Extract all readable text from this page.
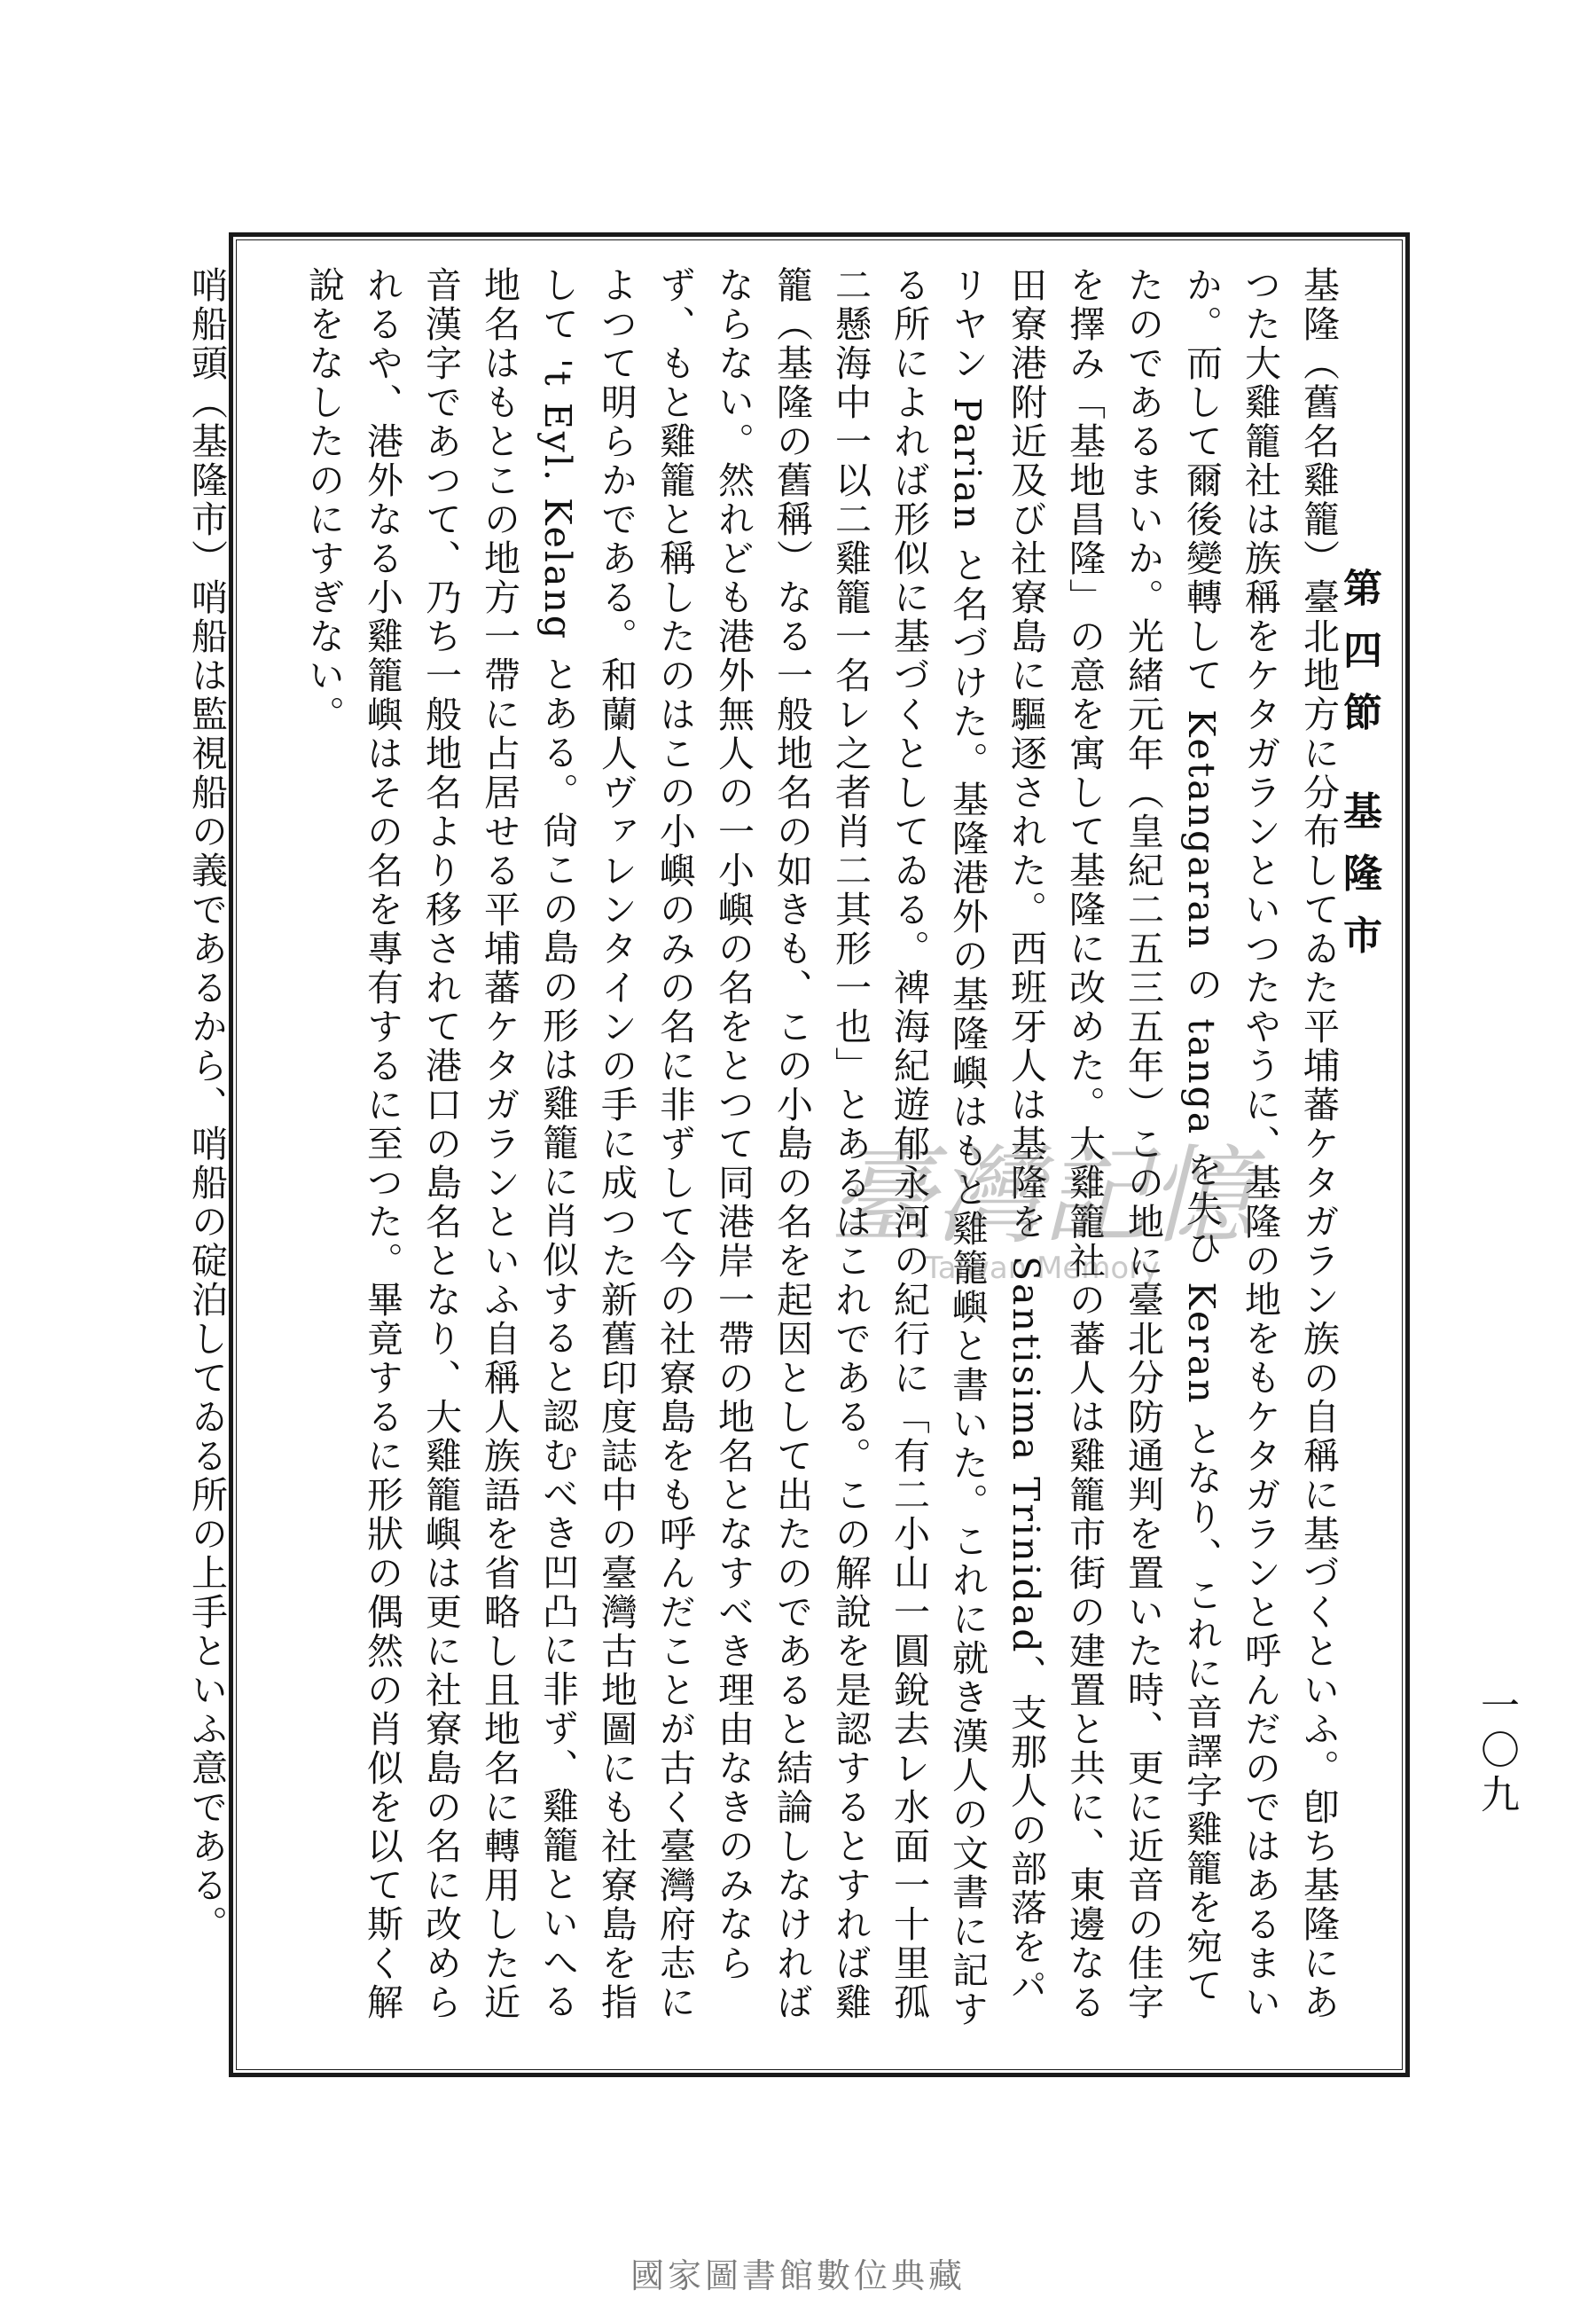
第四節 基隆市
基隆（舊名雞籠）臺北地方に分布してゐた平埔蕃ケタガラン族の自稱に基づくといふ。卽ち基隆にあつた大雞籠社は族稱をケタガランといつたやうに、基隆の地をもケタガランと呼んだのではあるまいか。而して爾後變轉して Ketangaran の tanga を失ひ Keran となり、これに音譯字雞籠を宛てたのであるまいか。光緒元年（皇紀二五三五年）この地に臺北分防通判を置いた時、更に近音の佳字を擇み「基地昌隆」の意を寓して基隆に改めた。大雞籠社の蕃人は雞籠市街の建置と共に、東邊なる田寮港附近及び社寮島に驅逐された。西班牙人は基隆を Santisima Trinidad、支那人の部落をパリヤン Parian と名づけた。基隆港外の基隆嶼はもと雞籠嶼と書いた。これに就き漢人の文書に記する所によれば形似に基づくとしてゐる。裨海紀遊郁永河の紀行に「有二小山一圓銳去レ水面一十里孤二懸海中一以二雞籠一名レ之者肖二其形一也」とあるはこれである。この解說を是認するとすれば雞籠（基隆の舊稱）なる一般地名の如きも、この小島の名を起因として出たのであると結論しなければならない。然れども港外無人の一小嶼の名をとつて同港岸一帶の地名となすべき理由なきのみならず、もと雞籠と稱したのはこの小嶼のみの名に非ずして今の社寮島をも呼んだことが古く臺灣府志によつて明らかである。和蘭人ヴァレンタインの手に成つた新舊印度誌中の臺灣古地圖にも社寮島を指して 't Eyl. Kelang とある。尙この島の形は雞籠に肖似すると認むべき凹凸に非ず、雞籠といへる地名はもとこの地方一帶に占居せる平埔蕃ケタガランといふ自稱人族語を省略し且地名に轉用した近音漢字であつて、乃ち一般地名より移されて港口の島名となり、大雞籠嶼は更に社寮島の名に改められるや、港外なる小雞籠嶼はその名を專有するに至つた。畢竟するに形狀の偶然の肖似を以て斯く解說をなしたのにすぎない。

哨船頭（基隆市）哨船は監視船の義であるから、哨船の碇泊してゐる所の上手といふ意である。	臺灣記憶
Taiwan Memory
一〇九
國家圖書館數位典藏
